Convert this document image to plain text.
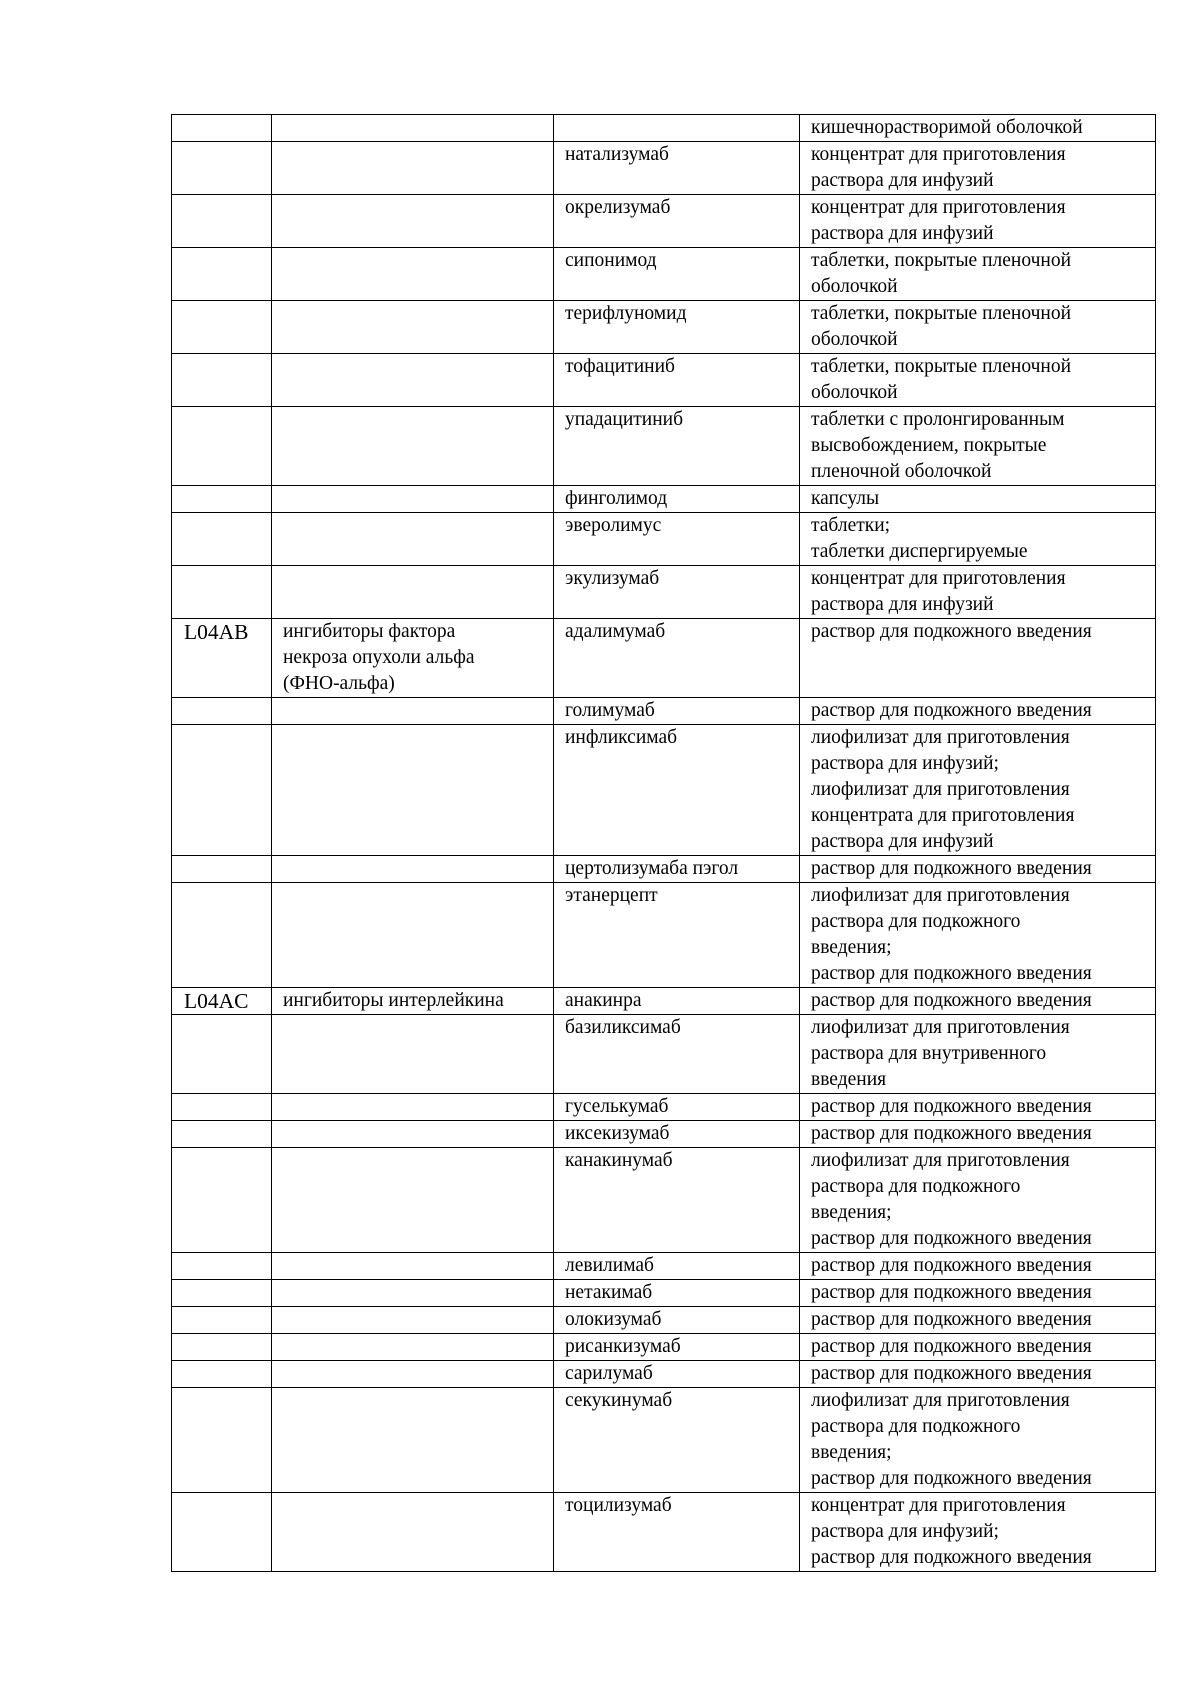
			кишечнорастворимой оболочкой
		натализумаб	концентрат для приготовления
раствора для инфузий
		окрелизумаб	концентрат для приготовления
раствора для инфузий
		сипонимод	таблетки, покрытые пленочной
оболочкой
		терифлуномид	таблетки, покрытые пленочной
оболочкой
		тофацитиниб	таблетки, покрытые пленочной
оболочкой
		упадацитиниб	таблетки с пролонгированным
высвобождением, покрытые
пленочной оболочкой
		финголимод	капсулы
		эверолимус	таблетки;
таблетки диспергируемые
		экулизумаб	концентрат для приготовления
раствора для инфузий
L04AB	ингибиторы фактора
некроза опухоли альфа
(ФНО-альфа)	адалимумаб	раствор для подкожного введения
		голимумаб	раствор для подкожного введения
		инфликсимаб	лиофилизат для приготовления
раствора для инфузий;
лиофилизат для приготовления
концентрата для приготовления
раствора для инфузий
		цертолизумаба пэгол	раствор для подкожного введения
		этанерцепт	лиофилизат для приготовления
раствора для подкожного
введения;
раствор для подкожного введения
L04AC	ингибиторы интерлейкина	анакинра	раствор для подкожного введения
		базиликсимаб	лиофилизат для приготовления
раствора для внутривенного
введения
		гуселькумаб	раствор для подкожного введения
		иксекизумаб	раствор для подкожного введения
		канакинумаб	лиофилизат для приготовления
раствора для подкожного
введения;
раствор для подкожного введения
		левилимаб	раствор для подкожного введения
		нетакимаб	раствор для подкожного введения
		олокизумаб	раствор для подкожного введения
		рисанкизумаб	раствор для подкожного введения
		сарилумаб	раствор для подкожного введения
		секукинумаб	лиофилизат для приготовления
раствора для подкожного
введения;
раствор для подкожного введения
		тоцилизумаб	концентрат для приготовления
раствора для инфузий;
раствор для подкожного введения
